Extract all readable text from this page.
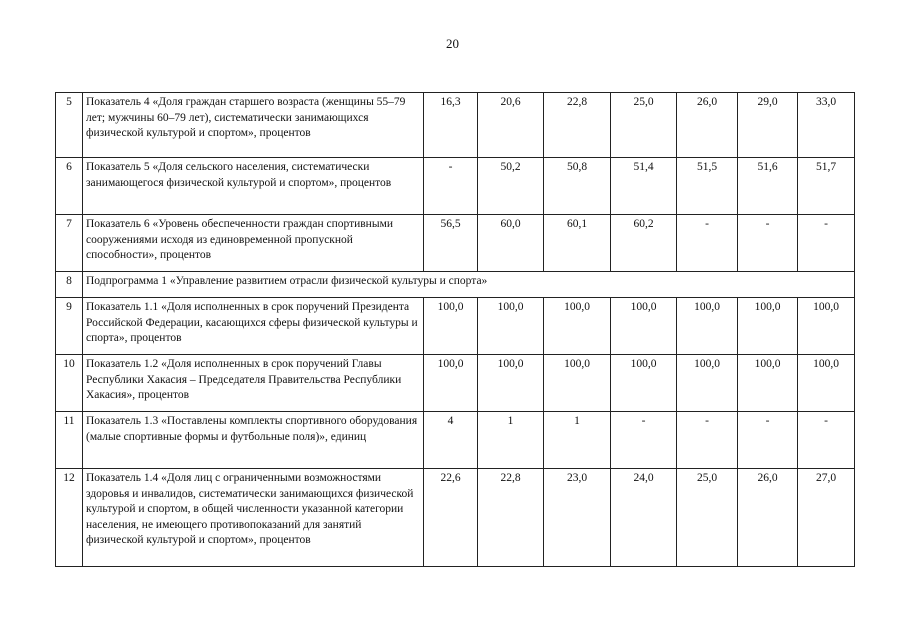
20
5	Показатель 4 «Доля граждан старшего возраста (женщины 55–79 лет; мужчины 60–79 лет), систематически занимающихся физической культурой и спортом», процентов	16,3	20,6	22,8	25,0	26,0	29,0	33,0
6	Показатель 5 «Доля сельского населения, систематически занимающегося физической культурой и спортом», процентов	-	50,2	50,8	51,4	51,5	51,6	51,7
7	Показатель 6 «Уровень обеспеченности граждан спортивными сооружениями исходя из единовременной пропускной способности», процентов	56,5	60,0	60,1	60,2	-	-	-
8	Подпрограмма 1 «Управление развитием отрасли физической культуры и спорта»							
9	Показатель 1.1 «Доля исполненных в срок поручений Президента Российской Федерации, касающихся сферы физической культуры и спорта», процентов	100,0	100,0	100,0	100,0	100,0	100,0	100,0
10	Показатель 1.2 «Доля исполненных в срок поручений Главы Республики Хакасия – Председателя Правительства Республики Хакасия», процентов	100,0	100,0	100,0	100,0	100,0	100,0	100,0
11	Показатель 1.3 «Поставлены комплекты спортивного оборудования (малые спортивные формы и футбольные поля)», единиц	4	1	1	-	-	-	-
12	Показатель 1.4 «Доля лиц с ограниченными возможностями здоровья и инвалидов, систематически занимающихся физической культурой и спортом, в общей численности указанной категории населения, не имеющего противопоказаний для занятий физической культурой и спортом», процентов	22,6	22,8	23,0	24,0	25,0	26,0	27,0
